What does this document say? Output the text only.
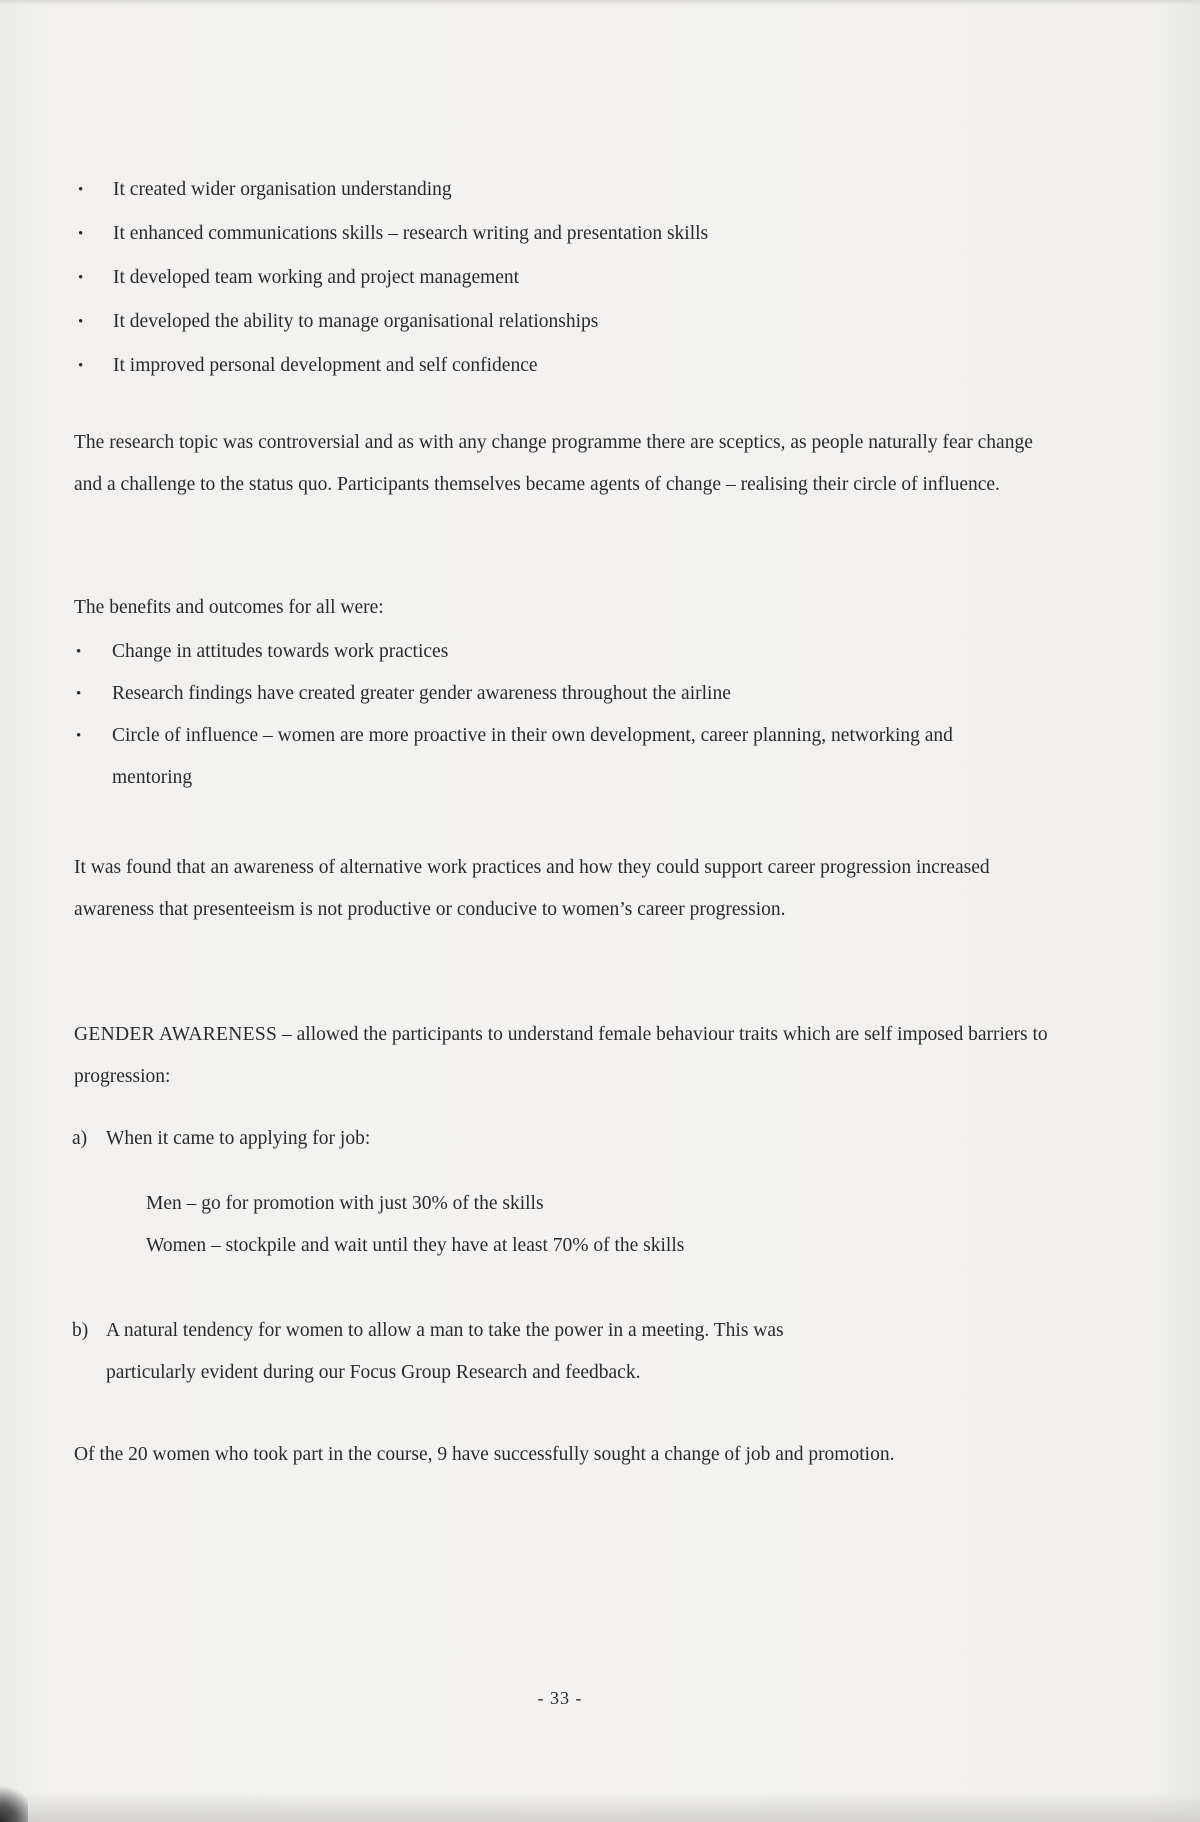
• It created wider organisation understanding
• It enhanced communications skills – research writing and presentation skills
• It developed team working and project management
• It developed the ability to manage organisational relationships
• It improved personal development and self confidence

The research topic was controversial and as with any change programme there are sceptics, as people naturally fear change and a challenge to the status quo. Participants themselves became agents of change – realising their circle of influence.

The benefits and outcomes for all were:

• Change in attitudes towards work practices
• Research findings have created greater gender awareness throughout the airline
• Circle of influence – women are more proactive in their own development, career planning, networking and mentoring

It was found that an awareness of alternative work practices and how they could support career progression increased awareness that presenteeism is not productive or conducive to women’s career progression.

GENDER AWARENESS – allowed the participants to understand female behaviour traits which are self imposed barriers to progression:

a) When it came to applying for job:
Men – go for promotion with just 30% of the skills
Women – stockpile and wait until they have at least 70% of the skills
b) A natural tendency for women to allow a man to take the power in a meeting. This was
particularly evident during our Focus Group Research and feedback.

Of the 20 women who took part in the course, 9 have successfully sought a change of job and promotion.

- 33 -
